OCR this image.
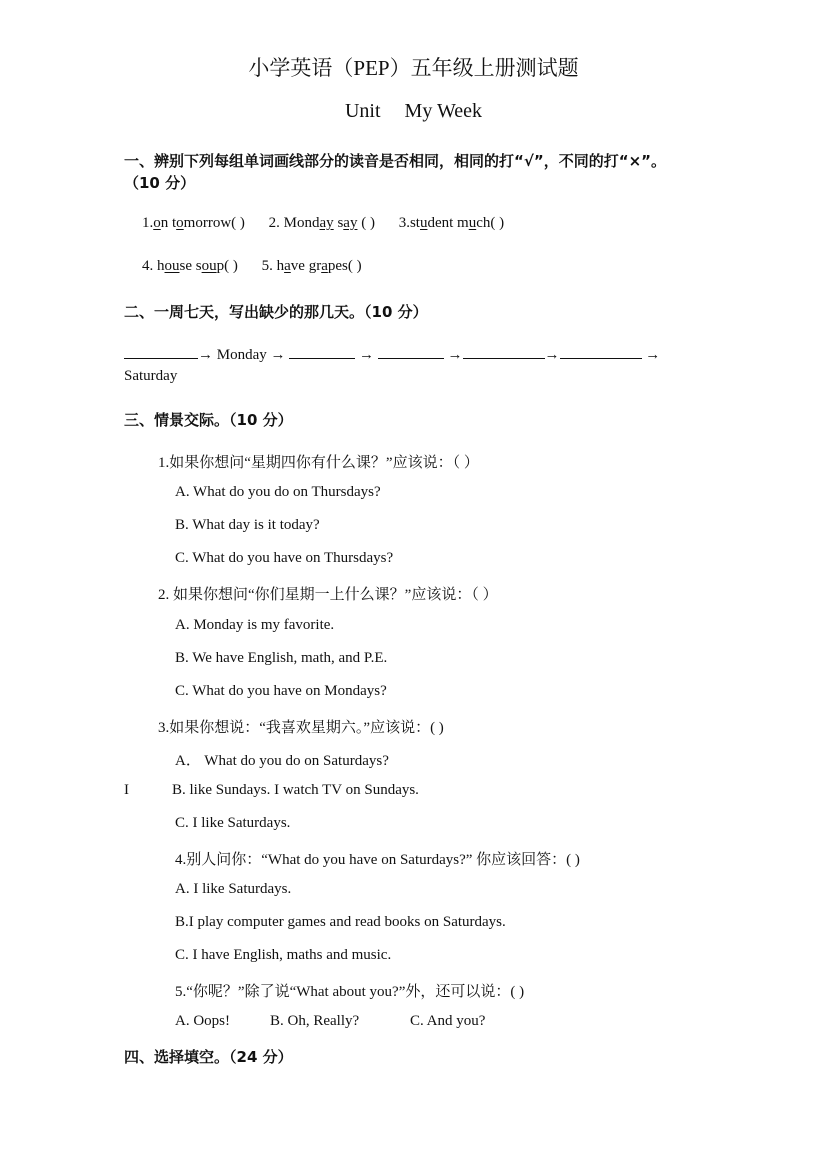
小学英语（PEP）五年级上册测试题
Unit My Week
一、辨别下列每组单词画线部分的读音是否相同，相同的打“√”，不同的打“×”。
（10 分）
1.on tomorrow( ) 2. Monday say ( ) 3.student much( )
4. house soup( ) 5. have grapes( )
二、一周七天，写出缺少的那几天。（10 分）
→ Monday →	→	→	→	→
Saturday
三、情景交际。（10 分）
1.如果你想问“星期四你有什么课？”应该说：（ ）
A. What do you do on Thursdays?
B. What day is it today?
C. What do you have on Thursdays?
2. 如果你想问“你们星期一上什么课？”应该说：（ ）
A. Monday is my favorite.
B. We have English, math, and P.E.
C. What do you have on Mondays?
3.如果你想说：“我喜欢星期六。”应该说：( )
A． What do you do on Saturdays?
I	B. like Sundays. I watch TV on Sundays.
C. I like Saturdays.
4.别人问你：“What do you have on Saturdays?” 你应该回答：( )
A. I like Saturdays.
B.I play computer games and read books on Saturdays.
C. I have English, maths and music.
5.“你呢？”除了说“What about you?”外，还可以说：( )
A. Oops!	B. Oh, Really?	C. And you?
四、选择填空。（24 分）
